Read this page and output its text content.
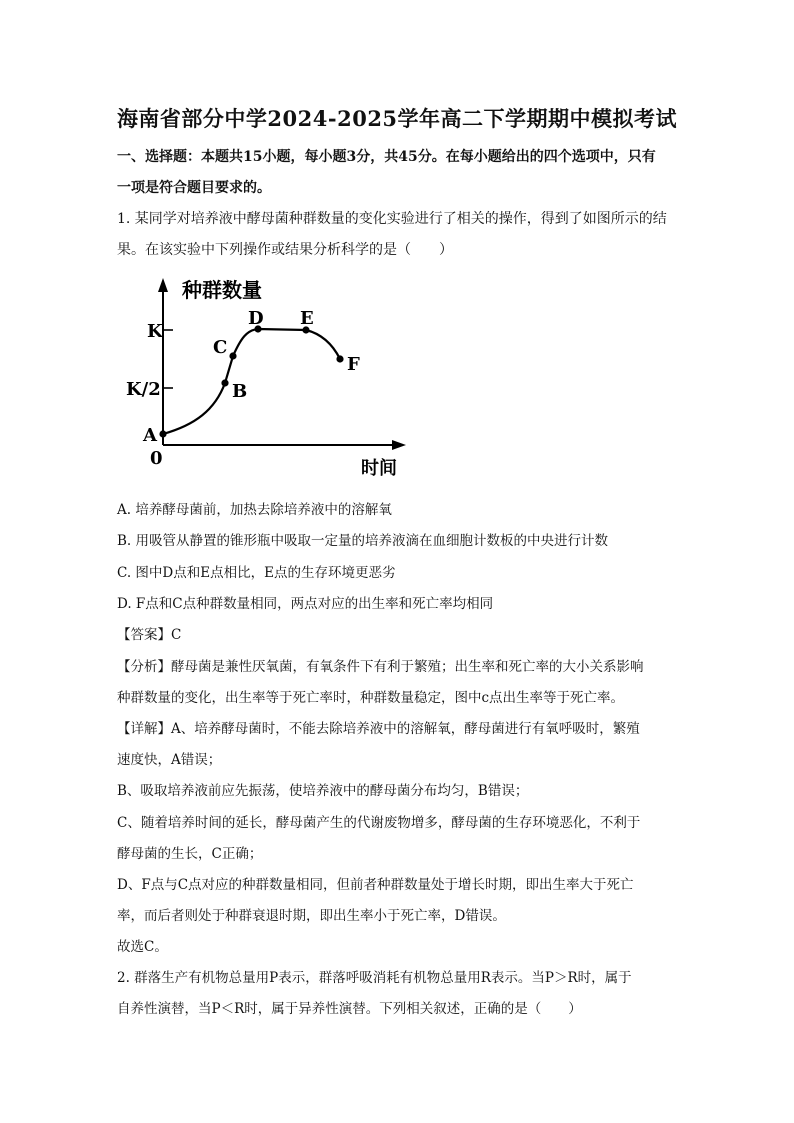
海南省部分中学2024-2025学年高二下学期期中模拟考试
一、选择题：本题共15小题，每小题3分，共45分。在每小题给出的四个选项中，只有
一项是符合题目要求的。
1. 某同学对培养液中酵母菌种群数量的变化实验进行了相关的操作，得到了如图所示的结
果。在该实验中下列操作或结果分析科学的是（　　）
种群数量
时间
0
K
K/2
A
B
C
D E
F
A. 培养酵母菌前，加热去除培养液中的溶解氧
B. 用吸管从静置的锥形瓶中吸取一定量的培养液滴在血细胞计数板的中央进行计数
C. 图中D点和E点相比，E点的生存环境更恶劣
D. F点和C点种群数量相同，两点对应的出生率和死亡率均相同
【答案】C
【分析】酵母菌是兼性厌氧菌，有氧条件下有利于繁殖；出生率和死亡率的大小关系影响
种群数量的变化，出生率等于死亡率时，种群数量稳定，图中c点出生率等于死亡率。
【详解】A、培养酵母菌时，不能去除培养液中的溶解氧，酵母菌进行有氧呼吸时，繁殖
速度快，A错误；
B、吸取培养液前应先振荡，使培养液中的酵母菌分布均匀，B错误；
C、随着培养时间的延长，酵母菌产生的代谢废物增多，酵母菌的生存环境恶化，不利于
酵母菌的生长，C正确；
D、F点与C点对应的种群数量相同，但前者种群数量处于增长时期，即出生率大于死亡
率，而后者则处于种群衰退时期，即出生率小于死亡率，D错误。
故选C。
2. 群落生产有机物总量用P表示，群落呼吸消耗有机物总量用R表示。当P＞R时，属于
自养性演替，当P＜R时，属于异养性演替。下列相关叙述，正确的是（　　）
